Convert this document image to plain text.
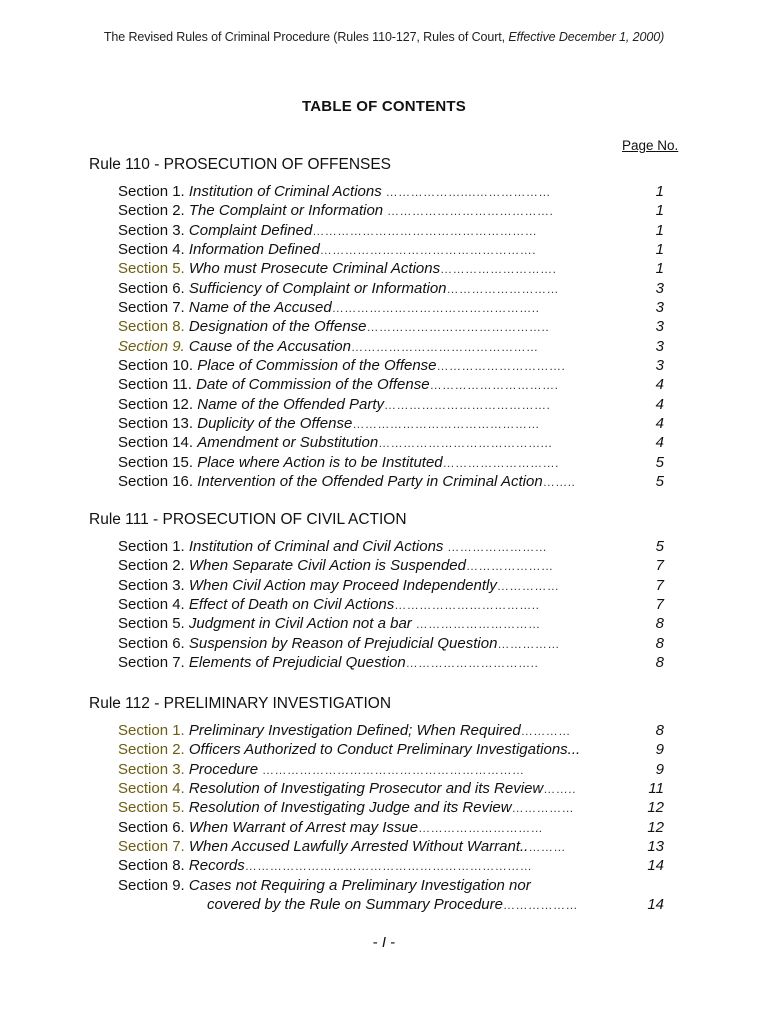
The Revised Rules of Criminal Procedure (Rules 110-127, Rules of Court, Effective December 1, 2000)
TABLE OF CONTENTS
Page No.
Rule 110 - PROSECUTION OF OFFENSES
Section 1. Institution of Criminal Actions ………………....………………	1
Section 2. The Complaint or Information ………………………………….	1
Section 3. Complaint Defined………………………………………………	1
Section 4. Information Defined…………………………………………….	1
Section 5. Who must Prosecute Criminal Actions……………………….	1
Section 6. Sufficiency of Complaint or Information………………………	3
Section 7. Name of the Accused…………………………………………..	3
Section 8. Designation of the Offense……………………………………..	3
Section 9. Cause of the Accusation………………………………………	3
Section 10. Place of Commission of the Offense………………………….	3
Section 11. Date of Commission of the Offense………………………….	4
Section 12. Name of the Offended Party………………………………….	4
Section 13. Duplicity of the Offense………………………………………	4
Section 14. Amendment or Substitution…………………………………...	4
Section 15. Place where Action is to be Instituted……………………….	5
Section 16. Intervention of the Offended Party in Criminal Action……..	5
Rule 111 - PROSECUTION OF CIVIL ACTION
Section 1. Institution of Criminal and Civil Actions ……………………	5
Section 2. When Separate Civil Action is Suspended…………………	7
Section 3. When Civil Action may Proceed Independently……………	7
Section 4. Effect of Death on Civil Actions……………………………..	7
Section 5. Judgment in Civil Action not a bar …………………………	8
Section 6. Suspension by Reason of Prejudicial Question……………	8
Section 7. Elements of Prejudicial Question…………………………..	8
Rule 112 - PRELIMINARY INVESTIGATION
Section 1. Preliminary Investigation Defined; When Required…………	8
Section 2. Officers Authorized to Conduct Preliminary Investigations...	9
Section 3. Procedure ………………………………………………………	9
Section 4. Resolution of Investigating Prosecutor and its Review……..	11
Section 5. Resolution of Investigating Judge and its Review……………	12
Section 6. When Warrant of Arrest may Issue…………………………	12
Section 7. When Accused Lawfully Arrested Without Warrant..………	13
Section 8. Records……………………………………………………………	14
Section 9. Cases not Requiring a Preliminary Investigation nor
covered by the Rule on Summary Procedure………………	14
- I -
